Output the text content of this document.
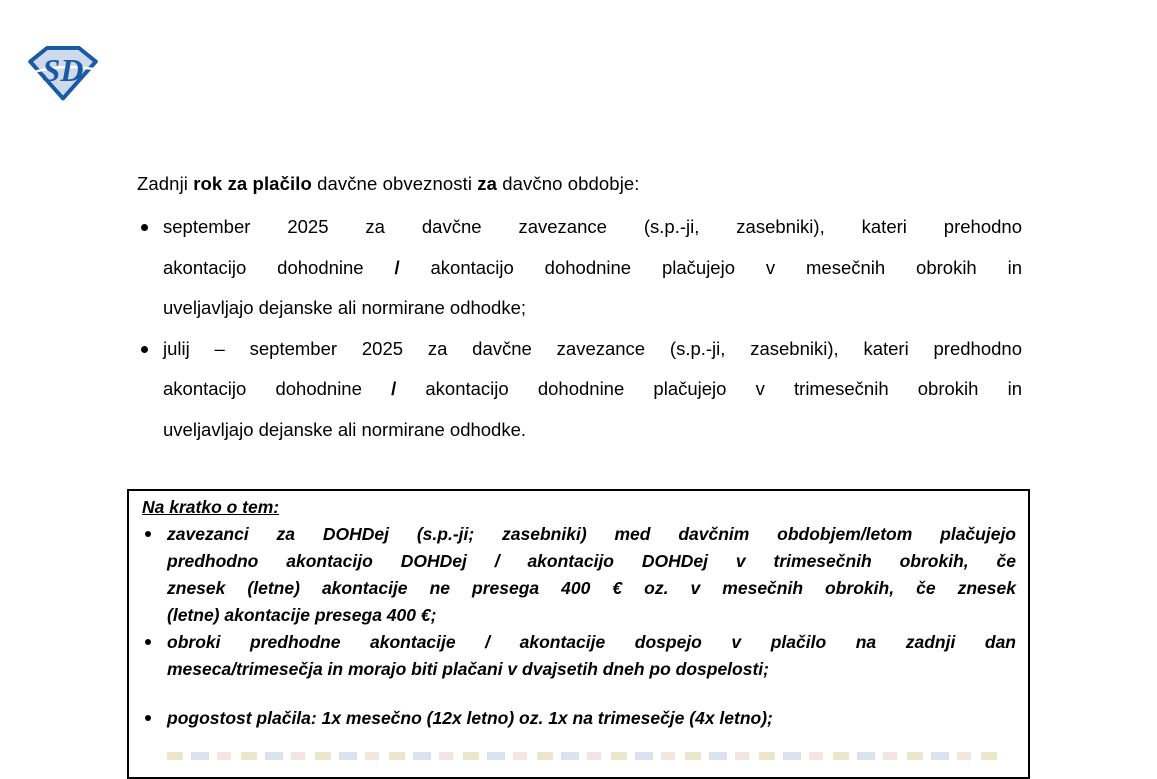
SD
Zadnji rok za plačilo davčne obveznosti za davčno obdobje:
september 2025 za davčne zavezance (s.p.-ji, zasebniki), kateri prehodno
akontacijo dohodnine / akontacijo dohodnine plačujejo v mesečnih obrokih in
uveljavljajo dejanske ali normirane odhodke;
julij – september 2025 za davčne zavezance (s.p.-ji, zasebniki), kateri predhodno
akontacijo dohodnine / akontacijo dohodnine plačujejo v trimesečnih obrokih in
uveljavljajo dejanske ali normirane odhodke.
Na kratko o tem:
zavezanci za DOHDej (s.p.-ji; zasebniki) med davčnim obdobjem/letom plačujejo
predhodno akontacijo DOHDej / akontacijo DOHDej v trimesečnih obrokih, če
znesek (letne) akontacije ne presega 400 € oz. v mesečnih obrokih, če znesek
(letne) akontacije presega 400 €;
obroki predhodne akontacije / akontacije dospejo v plačilo na zadnji dan
meseca/trimesečja in morajo biti plačani v dvajsetih dneh po dospelosti;
pogostost plačila: 1x mesečno (12x letno) oz. 1x na trimesečje (4x letno);
